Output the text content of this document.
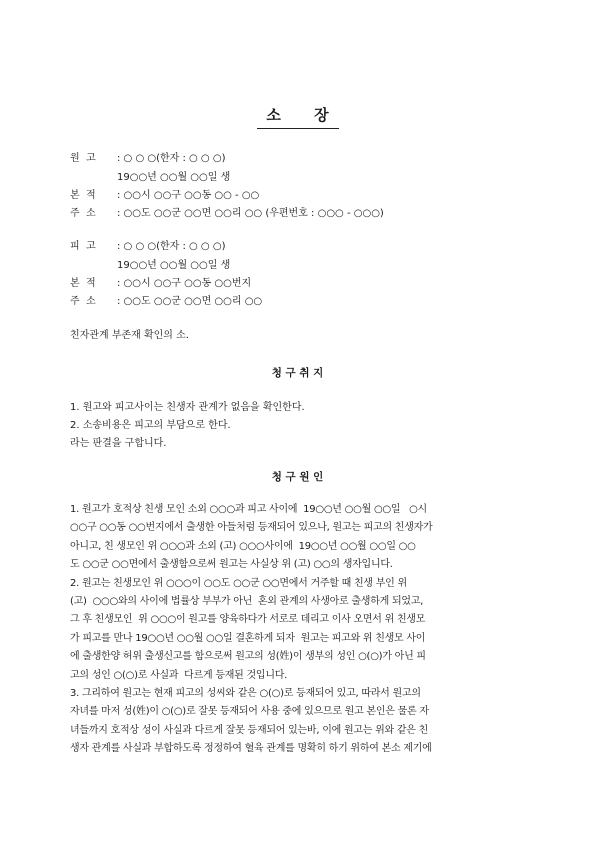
소 장
원  고 : ○ ○ ○(한자 : ○ ○ ○)
19○○년 ○○월 ○○일 생
본  적 : ○○시 ○○구 ○○동 ○○ - ○○
주  소 : ○○도 ○○군 ○○면 ○○리 ○○ (우편번호 : ○○○ - ○○○)
피  고 : ○ ○ ○(한자 : ○ ○ ○)
19○○년 ○○월 ○○일 생
본  적 : ○○시 ○○구 ○○동 ○○번지
주  소 : ○○도 ○○군 ○○면 ○○리 ○○
친자관계 부존재 확인의 소.
청 구 취 지
1. 원고와 피고사이는 친생자 관계가 없음을 확인한다.
2. 소송비용은 피고의 부담으로 한다.
라는 판결을 구합니다.
청 구 원 인
1. 원고가 호적상 친생 모인 소외 ○○○과 피고 사이에  19○○년 ○○월 ○○일   ○시
○○구 ○○동 ○○번지에서 출생한 아들처럼 등재되어 있으나, 원고는 피고의 친생자가
아니고, 친 생모인 위 ○○○과 소외 (고) ○○○사이에  19○○년 ○○월 ○○일 ○○
도 ○○군 ○○면에서 출생함으로써 원고는 사실상 위 (고) ○○의 생자입니다.
2. 원고는 친생모인 위 ○○○이 ○○도 ○○군 ○○면에서 거주할 때 친생 부인 위
(고)  ○○○와의 사이에 법률상 부부가 아닌  혼외 관계의 사생아로 출생하게 되었고,
그 후 친생모인  위 ○○○이 원고를 양육하다가 서로로 데리고 이사 오면서 위 친생모
가 피고를 만나 19○○년 ○○월 ○○일 결혼하게 되자  원고는 피고와 위 친생모 사이
에 출생한양 허위 출생신고를 함으로써 원고의 성(姓)이 생부의 성인 ○(○)가 아닌 피
고의 성인 ○(○)로 사실과  다르게 등재된 것입니다.
3. 그리하여 원고는 현재 피고의 성씨와 같은 ○(○)로 등재되어 있고, 따라서 원고의
자녀를 마저 성(姓)이 ○(○)로 잘못 등재되어 사용 중에 있으므로 원고 본인은 물론 자
녀들까지 호적상 성이 사실과 다르게 잘못 등재되어 있는바, 이에 원고는 위와 같은 친
생자 관계를 사실과 부합하도록 정정하여 혈육 관계를 명확히 하기 위하여 본소 제기에
